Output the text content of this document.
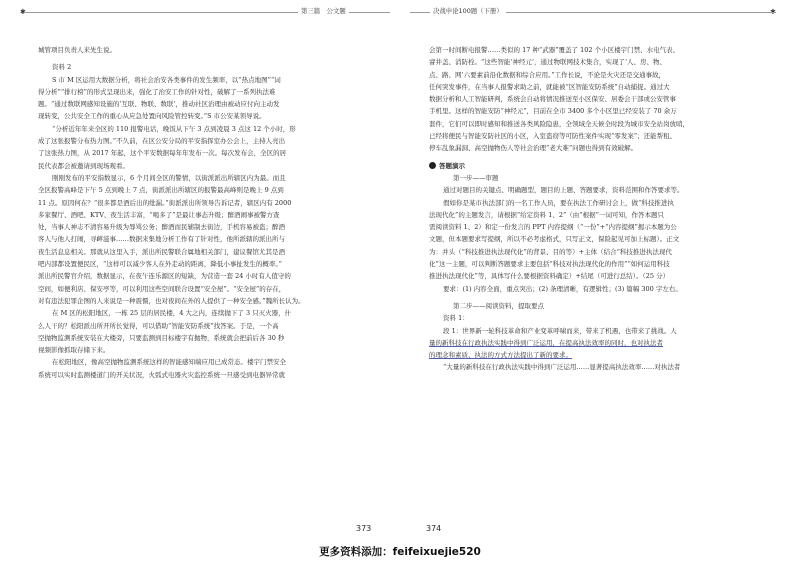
✱	✱
第三篇　公文题	决战申论100题（下册）

城管项目负责人来先生说。

资料 2

S 市 M 区运用大数据分析，将社会治安各类事件的发生频率，以“热点地图”“词

得分析”“排行榜”的形式呈现出来，强化了治安工作的针对性，破解了一系列执法难

题。“通过数联网感知设施的‘互联、物联、数联’，推动社区治理由被动应付向主动发

现转变，公共安全工作的重心从应急处置向风险管控转变。”S 市公安某领导说。

“分析近年年来全区的 110 报警电话，晚饭从下午 3 点到凌晨 3 点这 12 个小时，形

成了这张报警分布热力图。”不久前，在区公安分局的平安指挥室办公会上，主持人亮出

了这张热力图，从 2017 年起，这个平安数据每年年发布一次。每次发布会，全区的居

民代表都会被邀请到现场观看。

刚刚发布的平安指数显示，6 个月间全区的警情，以街派派出所辖区内为最。而且

全区报警高峰是下午 5 点到晚上 7 点，街派派出所辖区的报警最高峰则是晚上 9 点到

11 点。原因何在？“很多都是酒后出的纰漏。”街派派出所领导告诉记者，辖区内有 2000

多家餐厅、酒吧、KTV、夜生活丰富，“喝多了”是最让事态升级；醉酒闹事被警方查

处，当事人神志不清容易升级为辱骂公务；醉酒而民辅制去街边，手机容易被盗；醉酒

客人与他人打闹，寻衅滋事……数据来集地分析工作有了针对性，他所派辖的派出所与

夜生活息息相关。那就从这里入手，派出所民警联合属地相关部门，建议餐馆尤其是酒

吧内部都设置便民区，“这样可以减少客人在外走动的距离，降低小事扯发生的概率。”

派出所民警官介绍，数据显示，在夜午连乐源区的短缺，为营造一套 24 小时有人值守的

空间，如便利店、保安亭等，可以利用这些空间联合设置“安全屋”。“安全屋”的存在，

对有违法犯罪企图的人来说是一种震慑，也对夜间在外的人提供了一种安全感。”魏所长认为。

在 M 区的松阳地区，一栋 25 层的居民楼，4 大之内，连续抛下了 3 只灭火器，什

么人干的？松阳派出所开所长觉得，可以借助“智能安防系统”找答案。于是，一个高

空抛物监测系统安装在大楼旁，只要监测到目标楼宇有抛物，系统就会把前后各 30 秒

视频影像抓取存储下来。

在松阳地区，像高空抛物监测系统这样的智能感知端应用已成常态。楼宇门禁安全

系统可以实时监测楼道门的开关状况，火弧式电器火灾监控系统一旦感受到电器异常就

373

会第一时间断电报警……类似的 17 种“武器”覆盖了 102 个小区楼宇门禁、水电气表、

窨井盖、消防栓。“这些智能‘神经元’，通过物联网技术集合，实现了‘人、房、物、

点、路、网’六要素前沿化数据和综合应用。”工作长说，不论是火灾还是交通事故，

任何突发事件，在当事人报警求助之前，就能被“区智能安防系统”自动捕捉。通过大

数据分析和人工智能研判，系统会自动将情况推送至小区保安、居委会干部或公安管事

手机里。这样的智能安防“神经元”，目前在全市 3400 多个小区里已经安装了 70 余万

套件，它们可以即时感知和推送各类风险隐患，全领域全天候全时段为城市安全站岗放哨，

已经将便民与智能安防社区的小区，入室盗窃等可防性案件实现“零发案”；还能帮租、

停车乱象漏洞、高空抛物伤人等社会治理“老大难”问题也得到有效破解。

答题演示

第一步——审题

通过对题目的关键点、明确题型，题目的上题、答题要求，资料范围和作答要求等。

假如你是某市执法部门的一名工作人员，要在执法工作研讨会上，做“科技推进执

法现代化”的主题发言，请根据“给定资料 1、2”（由“根据”一词可知，作答本题只

需阅读资料 1、2）和定一份发言的 PPT 内容提纲（“一份”+“内容提纲”揭示本题为公

文题，但本题要求写提纲，所以不必考虑格式，只写正文，保险起见可加上标题）。正文

为：并头（“科技推进执法现代化”的背景、目的等）+主体（结合“科技推进执法现代

化”这一主题，可以判断答题要求主要包括“科技对执法现代化的作用”“如何运用科技

推进执法现代化”等，具体写什么要根据资料确定）+结尾（可进行总结）。（25 分）

要求：(1) 内容全面，重点突出；(2) 条理清晰，有逻辑性；(3) 篇幅 300 字左右。

第二步——阅读资料，提取要点

资料 1：

段 1：世界新一轮科技革命和产业变革呼啸而来，带来了机遇，也带来了挑战。人

量的新科技在行政执法实践中得到广泛运用，在提高执法效率的同时，也对执法者

的理念和素质、执法的方式方法提出了新的要求。

“大量的新科技在行政执法实践中得到广泛运用……显著提高执法效率……对执法者

374
更多资料添加：feifeixuejie520
